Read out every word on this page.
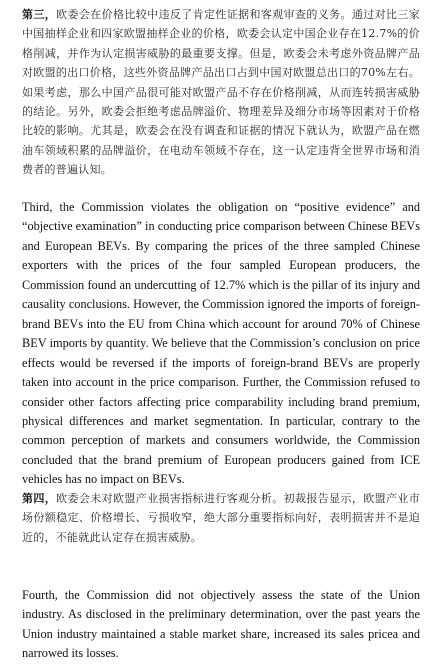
第三，欧委会在价格比较中违反了肯定性证据和客观审查的义务。通过对比三家中国抽样企业和四家欧盟抽样企业的价格，欧委会认定中国企业存在12.7%的价格削减，并作为认定损害威胁的最重要支撑。但是，欧委会未考虑外资品牌产品对欧盟的出口价格，这些外资品牌产品出口占到中国对欧盟总出口的70%左右。如果考虑，那么中国产品很可能对欧盟产品不存在价格削减，从而连转损害威胁的结论。另外，欧委会拒绝考虑品牌溢价、物理差异及细分市场等因素对于价格比较的影响。尤其是，欧委会在没有调查和证据的情况下就认为，欧盟产品在燃油车领域积累的品牌溢价，在电动车领域不存在，这一认定违背全世界市场和消费者的普遍认知。

Third, the Commission violates the obligation on “positive evidence” and “objective examination” in conducting price comparison between Chinese BEVs and European BEVs. By comparing the prices of the three sampled Chinese exporters with the prices of the four sampled European producers, the Commission found an undercutting of 12.7% which is the pillar of its injury and causality conclusions. However, the Commission ignored the imports of foreign-brand BEVs into the EU from China which account for around 70% of Chinese BEV imports by quantity. We believe that the Commission’s conclusion on price effects would be reversed if the imports of foreign-brand BEVs are properly taken into account in the price comparison. Further, the Commission refused to consider other factors affecting price comparability including brand premium, physical differences and market segmentation. In particular, contrary to the common perception of markets and consumers worldwide, the Commission concluded that the brand premium of European producers gained from ICE vehicles has no impact on BEVs.

第四，欧委会未对欧盟产业损害指标进行客观分析。初裁报告显示，欧盟产业市场份额稳定、价格增长、亏损收窄，绝大部分重要指标向好，表明损害并不是迫近的，不能就此认定存在损害威胁。

Fourth, the Commission did not objectively assess the state of the Union industry. As disclosed in the preliminary determination, over the past years the Union industry maintained a stable market share, increased its sales pricea and narrowed its losses.
